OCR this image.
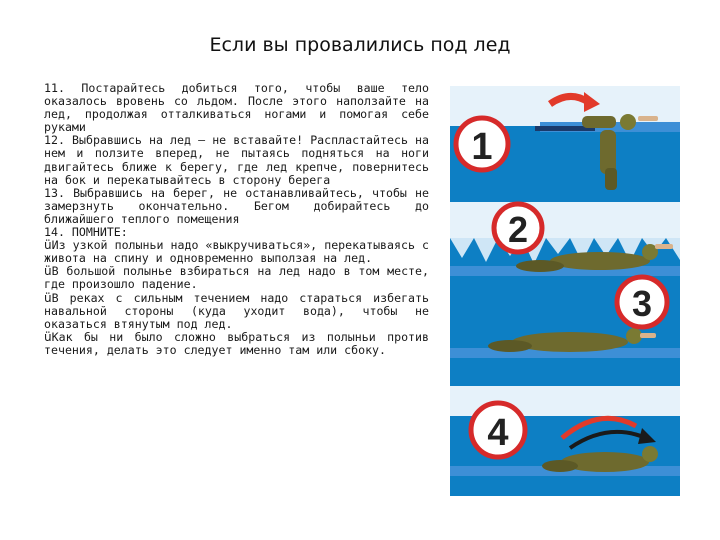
Если вы провалились под лед

11. Постарайтесь добиться того, чтобы ваше тело оказалось вровень со льдом. После этого наползайте на лед, продолжая отталкиваться ногами и помогая себе руками

12. Выбравшись на лед – не вставайте! Распластайтесь на нем и ползите вперед, не пытаясь подняться на ноги двигайтесь ближе к берегу, где лед крепче, повернитесь на бок и перекатывайтесь в сторону берега

13. Выбравшись на берег, не останавливайтесь, чтобы не замерзнуть окончательно. Бегом добирайтесь до ближайшего теплого помещения

14. ПОМНИТЕ:

üИз узкой полыньи надо «выкручиваться», перекатываясь с живота на спину и одновременно выползая на лед.

üВ большой полынье взбираться на лед надо в том месте, где произошло падение.

üВ реках с сильным течением надо стараться избегать навальной стороны (куда уходит вода), чтобы не оказаться втянутым под лед.

üКак бы ни было сложно выбраться из полыньи против течения, делать это следует именно там или сбоку.

1
2
3
4
